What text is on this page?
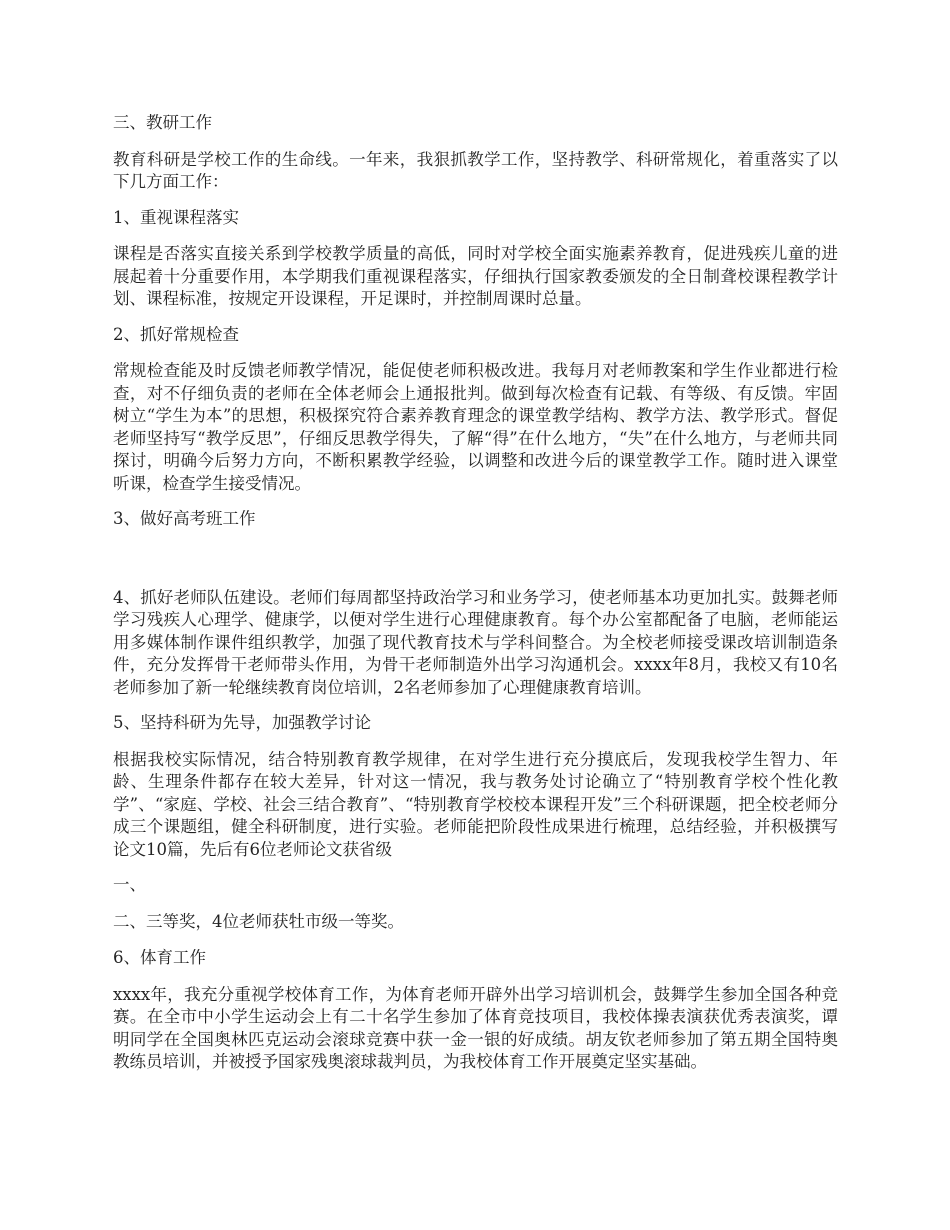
三、教研工作

教育科研是学校工作的生命线。一年来，我狠抓教学工作，坚持教学、科研常规化，着重落实了以下几方面工作：

1、重视课程落实

课程是否落实直接关系到学校教学质量的高低，同时对学校全面实施素养教育，促进残疾儿童的进展起着十分重要作用，本学期我们重视课程落实，仔细执行国家教委颁发的全日制聋校课程教学计划、课程标准，按规定开设课程，开足课时，并控制周课时总量。

2、抓好常规检查

常规检查能及时反馈老师教学情况，能促使老师积极改进。我每月对老师教案和学生作业都进行检查，对不仔细负责的老师在全体老师会上通报批判。做到每次检查有记载、有等级、有反馈。牢固树立“学生为本”的思想，积极探究符合素养教育理念的课堂教学结构、教学方法、教学形式。督促老师坚持写“教学反思”，仔细反思教学得失，了解“得”在什么地方，“失”在什么地方，与老师共同探讨，明确今后努力方向，不断积累教学经验，以调整和改进今后的课堂教学工作。随时进入课堂听课，检查学生接受情况。

3、做好高考班工作

4、抓好老师队伍建设。老师们每周都坚持政治学习和业务学习，使老师基本功更加扎实。鼓舞老师学习残疾人心理学、健康学，以便对学生进行心理健康教育。每个办公室都配备了电脑，老师能运用多媒体制作课件组织教学，加强了现代教育技术与学科间整合。为全校老师接受课改培训制造条件，充分发挥骨干老师带头作用，为骨干老师制造外出学习沟通机会。xxxx年8月，我校又有10名老师参加了新一轮继续教育岗位培训，2名老师参加了心理健康教育培训。

5、坚持科研为先导，加强教学讨论

根据我校实际情况，结合特别教育教学规律，在对学生进行充分摸底后，发现我校学生智力、年龄、生理条件都存在较大差异，针对这一情况，我与教务处讨论确立了“特别教育学校个性化教学”、“家庭、学校、社会三结合教育”、“特别教育学校校本课程开发”三个科研课题，把全校老师分成三个课题组，健全科研制度，进行实验。老师能把阶段性成果进行梳理，总结经验，并积极撰写论文10篇，先后有6位老师论文获省级

一、

二、三等奖，4位老师获牡市级一等奖。

6、体育工作

xxxx年，我充分重视学校体育工作，为体育老师开辟外出学习培训机会，鼓舞学生参加全国各种竞赛。在全市中小学生运动会上有二十名学生参加了体育竞技项目，我校体操表演获优秀表演奖，谭明同学在全国奥林匹克运动会滚球竞赛中获一金一银的好成绩。胡友钦老师参加了第五期全国特奥教练员培训，并被授予国家残奥滚球裁判员，为我校体育工作开展奠定坚实基础。
